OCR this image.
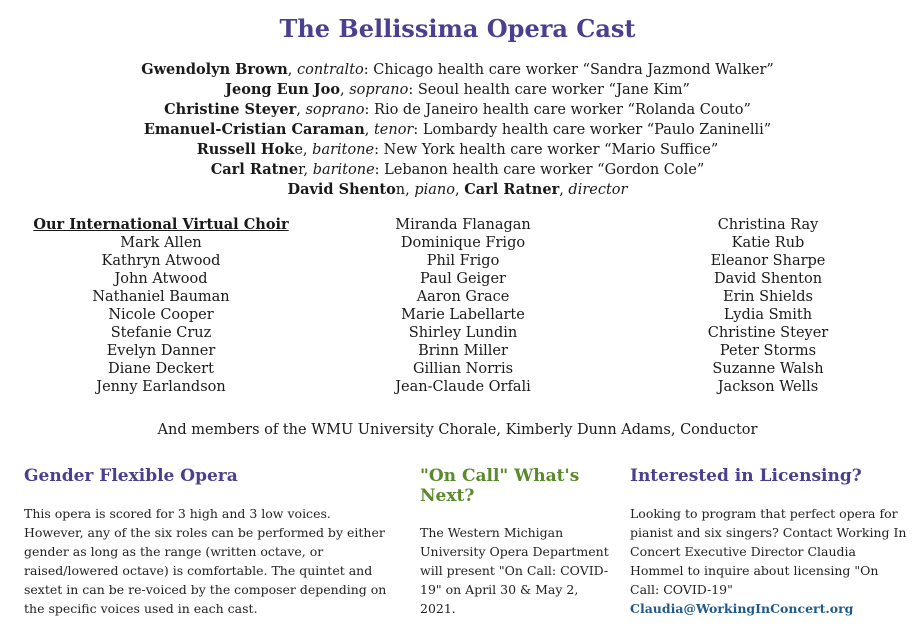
The Bellissima Opera Cast
Gwendolyn Brown, contralto: Chicago health care worker “Sandra Jazmond Walker”
Jeong Eun Joo, soprano: Seoul health care worker “Jane Kim”
Christine Steyer, soprano: Rio de Janeiro health care worker “Rolanda Couto”
Emanuel-Cristian Caraman, tenor: Lombardy health care worker “Paulo Zaninelli”
Russell Hoke, baritone: New York health care worker “Mario Suffice”
Carl Ratner, baritone: Lebanon health care worker “Gordon Cole”
David Shenton, piano, Carl Ratner, director
Our International Virtual Choir
Mark Allen
Kathryn Atwood
John Atwood
Nathaniel Bauman
Nicole Cooper
Stefanie Cruz
Evelyn Danner
Diane Deckert
Jenny Earlandson
Miranda Flanagan
Dominique Frigo
Phil Frigo
Paul Geiger
Aaron Grace
Marie Labellarte
Shirley Lundin
Brinn Miller
Gillian Norris
Jean-Claude Orfali
Christina Ray
Katie Rub
Eleanor Sharpe
David Shenton
Erin Shields
Lydia Smith
Christine Steyer
Peter Storms
Suzanne Walsh
Jackson Wells
And members of the WMU University Chorale, Kimberly Dunn Adams, Conductor
Gender Flexible Opera
This opera is scored for 3 high and 3 low voices. However, any of the six roles can be performed by either gender as long as the range (written octave, or raised/lowered octave) is comfortable. The quintet and sextet in can be re-voiced by the composer depending on the specific voices used in each cast.
"On Call" What's Next?
The Western Michigan University Opera Department will present "On Call: COVID-19" on April 30 & May 2, 2021.
Interested in Licensing?
Looking to program that perfect opera for pianist and six singers? Contact Working In Concert Executive Director Claudia Hommel to inquire about licensing "On Call: COVID-19" Claudia@WorkingInConcert.org
